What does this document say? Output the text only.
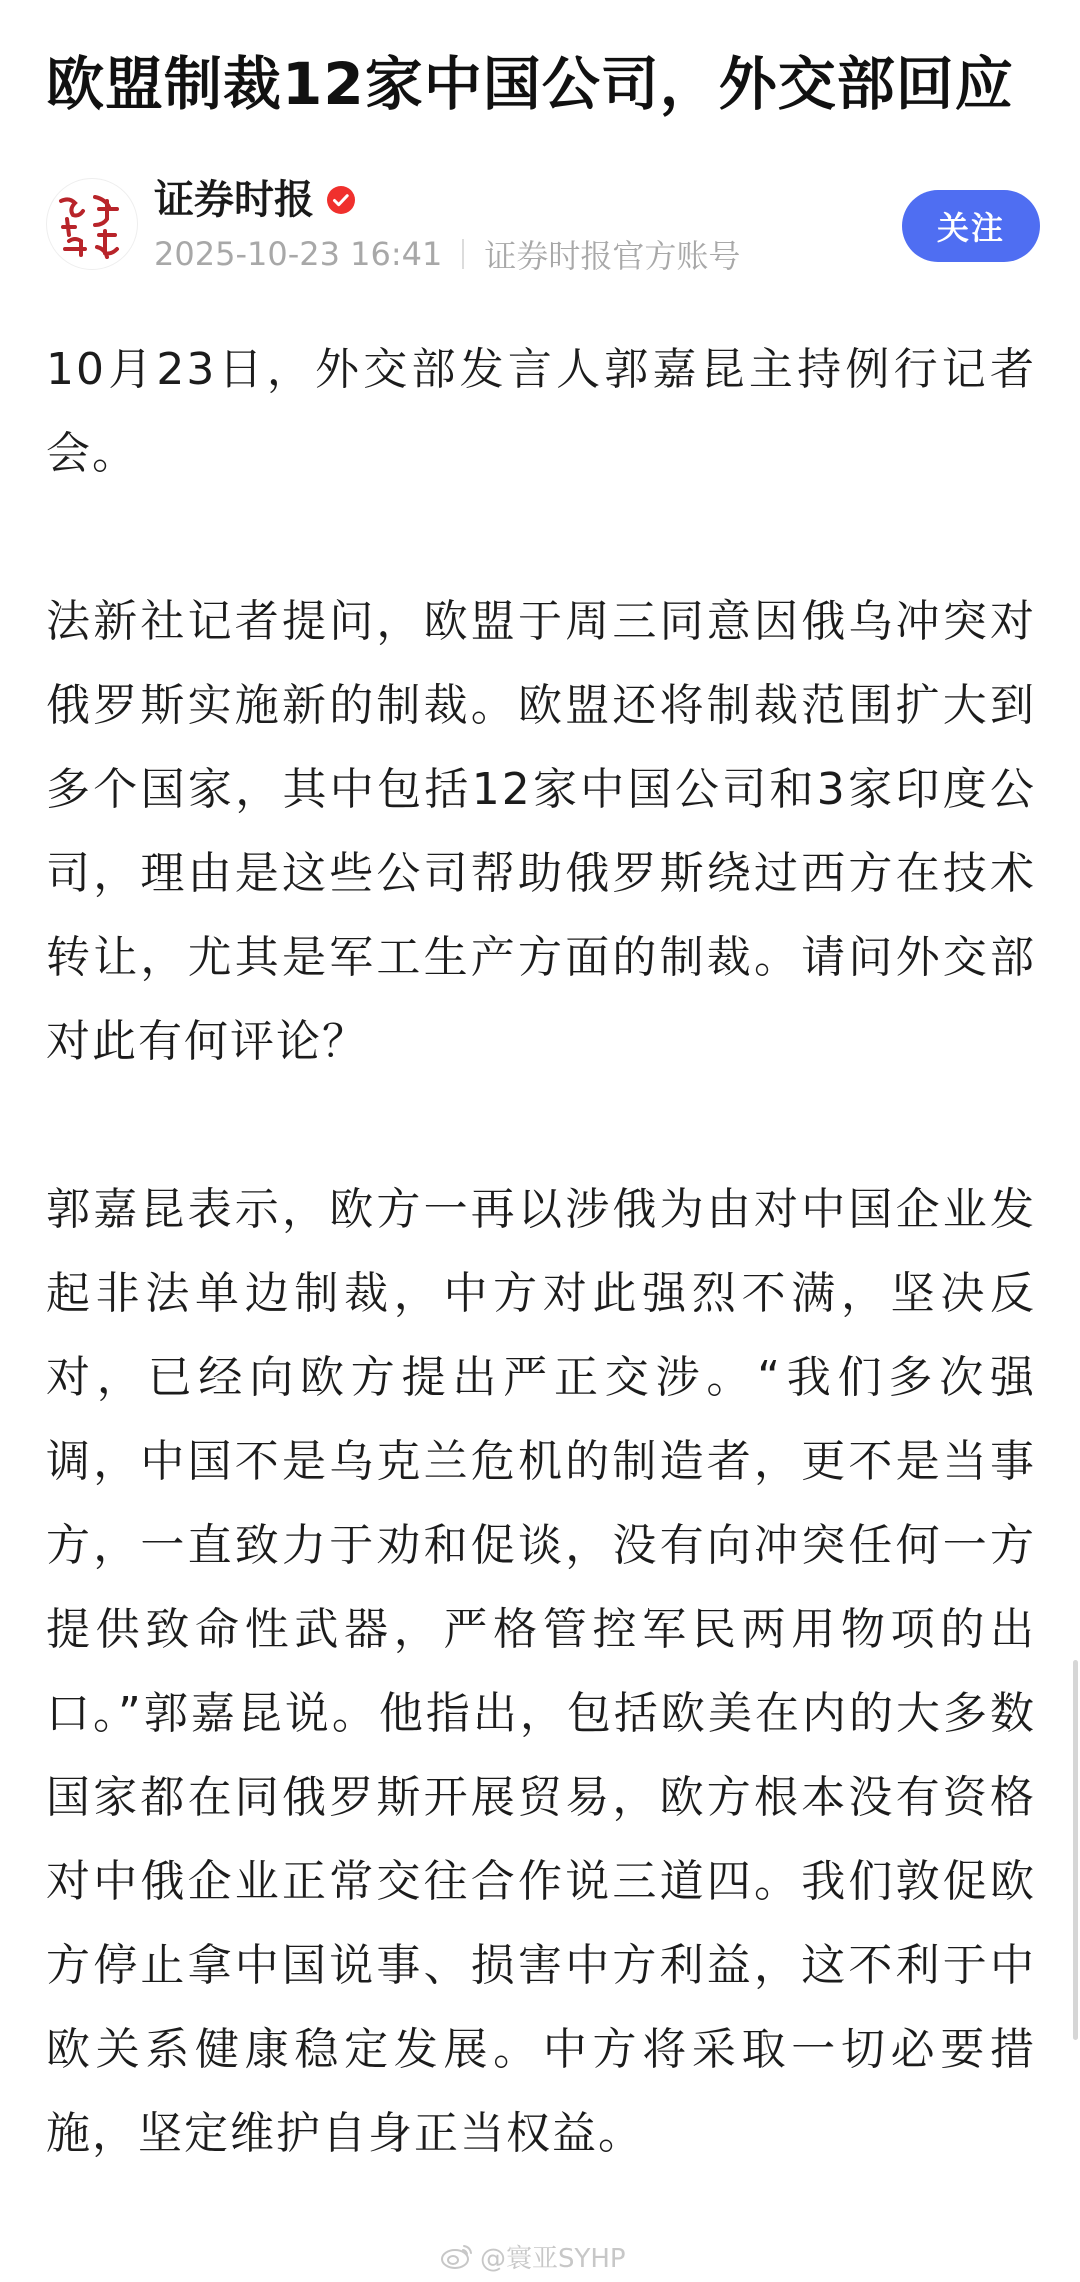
欧盟制裁12家中国公司，外交部回应
证券时报
2025-10-23 16:41 证券时报官方账号
关注

10月23日，外交部发言人郭嘉昆主持例行记者会。

法新社记者提问，欧盟于周三同意因俄乌冲突对俄罗斯实施新的制裁。欧盟还将制裁范围扩大到多个国家，其中包括12家中国公司和3家印度公司，理由是这些公司帮助俄罗斯绕过西方在技术转让，尤其是军工生产方面的制裁。请问外交部对此有何评论？

郭嘉昆表示，欧方一再以涉俄为由对中国企业发起非法单边制裁，中方对此强烈不满，坚决反对，已经向欧方提出严正交涉。“我们多次强调，中国不是乌克兰危机的制造者，更不是当事方，一直致力于劝和促谈，没有向冲突任何一方提供致命性武器，严格管控军民两用物项的出口。”郭嘉昆说。他指出，包括欧美在内的大多数国家都在同俄罗斯开展贸易，欧方根本没有资格对中俄企业正常交往合作说三道四。我们敦促欧方停止拿中国说事、损害中方利益，这不利于中欧关系健康稳定发展。中方将采取一切必要措施，坚定维护自身正当权益。

@寰亚SYHP
